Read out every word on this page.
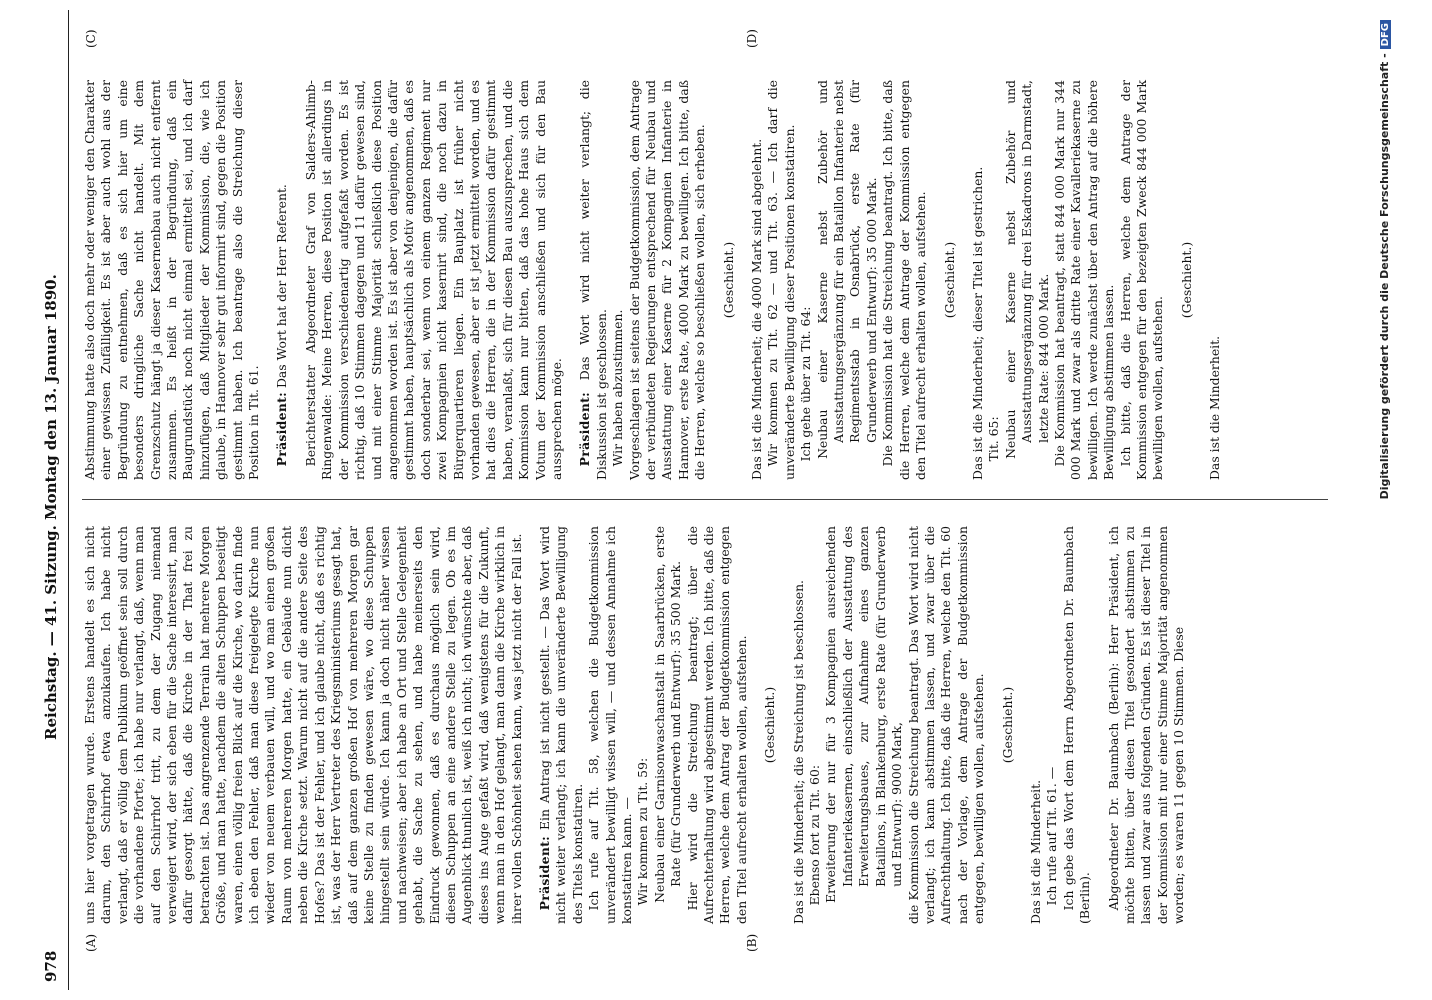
978
Reichstag. — 41. Sitzung. Montag den 13. Januar 1890.
(A)	(B)
(C)	(D)

uns hier vorgetragen wurde. Erstens handelt es sich nicht darum, den Schirrhof etwa anzukaufen. Ich habe nicht verlangt, daß er völlig dem Publikum geöffnet sein soll durch die vorhandene Pforte; ich habe nur verlangt, daß, wenn man auf den Schirrhof tritt, zu dem der Zugang niemand verweigert wird, der sich eben für die Sache interessirt, man dafür gesorgt hätte, daß die Kirche in der That frei zu betrachten ist. Das angrenzende Terrain hat mehrere Morgen Größe, und man hatte, nachdem die alten Schuppen beseitigt waren, einen völlig freien Blick auf die Kirche, wo darin finde ich eben den Fehler, daß man diese freigelegte Kirche nun wieder von neuem verbauen will, und wo man einen großen Raum von mehreren Morgen hatte, ein Gebäude nun dicht neben die Kirche setzt. Warum nicht auf die andere Seite des Hofes? Das ist der Fehler, und ich glaube nicht, daß es richtig ist, was der Herr Vertreter des Kriegsministeriums gesagt hat, daß auf dem ganzen großen Hof von mehreren Morgen gar keine Stelle zu finden gewesen wäre, wo diese Schuppen hingestellt sein würde. Ich kann ja doch nicht näher wissen und nachweisen; aber ich habe an Ort und Stelle Gelegenheit gehabt, die Sache zu sehen, und habe meinerseits den Eindruck gewonnen, daß es durchaus möglich sein wird, diesen Schuppen an eine andere Stelle zu legen. Ob es im Augenblick thunlich ist, weiß ich nicht; ich wünschte aber, daß dieses ins Auge gefaßt wird, daß wenigstens für die Zukunft, wenn man in den Hof gelangt, man dann die Kirche wirklich in ihrer vollen Schönheit sehen kann, was jetzt nicht der Fall ist. Präsident: Ein Antrag ist nicht gestellt. — Das Wort wird nicht weiter verlangt; ich kann die unveränderte Bewilligung des Titels konstatiren. Ich rufe auf Tit. 58, welchen die Budgetkommission unverändert bewilligt wissen will, — und dessen Annahme ich konstatiren kann. — Wir kommen zu Tit. 59: Neubau einer Garnisonwaschanstalt in Saarbrücken, erste Rate (für Grunderwerb und Entwurf): 35 500 Mark. Hier wird die Streichung beantragt; über die Aufrechterhaltung wird abgestimmt werden. Ich bitte, daß die Herren, welche dem Antrag der Budgetkommission entgegen den Titel aufrecht erhalten wollen, aufstehen. (Geschieht.) Das ist die Minderheit; die Streichung ist beschlossen. Ebenso fort zu Tit. 60: Erweiterung der nur für 3 Kompagnien ausreichenden Infanteriekasernen, einschließlich der Ausstattung des Erweiterungsbaues, zur Aufnahme eines ganzen Bataillons, in Blankenburg, erste Rate (für Grunderwerb und Entwurf): 9000 Mark, die Kommission die Streichung beantragt. Das Wort wird nicht verlangt; ich kann abstimmen lassen, und zwar über die Aufrechthaltung. Ich bitte, daß die Herren, welche den Tit. 60 nach der Vorlage, dem Antrage der Budgetkommission entgegen, bewilligen wollen, aufstehen. (Geschieht.)

Das ist die Minderheit. Ich rufe auf Tit. 61. — Ich gebe das Wort dem Herrn Abgeordneten Dr. Baumbach (Berlin). Abgeordneter Dr. Baumbach (Berlin): Herr Präsident, ich möchte bitten, über diesen Titel gesondert abstimmen zu lassen und zwar aus folgenden Gründen. Es ist dieser Titel in der Kommission mit nur einer Stimme Majorität angenommen worden; es waren 11 gegen 10 Stimmen. Diese

Abstimmung hatte also doch mehr oder weniger den Charakter einer gewissen Zufälligkeit. Es ist aber auch wohl aus der Begründung zu entnehmen, daß es sich hier um eine besonders dringliche Sache nicht handelt. Mit dem Grenzschutz hängt ja dieser Kasernenbau auch nicht entfernt zusammen. Es heißt in der Begründung, daß ein Baugrundstück noch nicht einmal ermittelt sei, und ich darf hinzufügen, daß Mitglieder der Kommission, die, wie ich glaube, in Hannover sehr gut informirt sind, gegen die Position gestimmt haben. Ich beantrage also die Streichung dieser Position in Tit. 61. Präsident: Das Wort hat der Herr Referent. Berichterstatter Abgeordneter Graf von Salders-Ahlimb-Ringenwalde: Meine Herren, diese Position ist allerdings in der Kommission verschiedenartig aufgefaßt worden. Es ist richtig, daß 10 Stimmen dagegen und 11 dafür gewesen sind, und mit einer Stimme Majorität schließlich diese Position angenommen worden ist. Es ist aber von denjenigen, die dafür gestimmt haben, hauptsächlich als Motiv angenommen, daß es doch sonderbar sei, wenn von einem ganzen Regiment nur zwei Kompagnien nicht kasernirt sind, die noch dazu in Bürgerquartieren liegen. Ein Bauplatz ist früher nicht vorhanden gewesen, aber er ist jetzt ermittelt worden, und es hat dies die Herren, die in der Kommission dafür gestimmt haben, veranlaßt, sich für diesen Bau auszusprechen, und die Kommission kann nur bitten, daß das hohe Haus sich dem Votum der Kommission anschließen und sich für den Bau aussprechen möge. Präsident: Das Wort wird nicht weiter verlangt; die Diskussion ist geschlossen. Wir haben abzustimmen. Vorgeschlagen ist seitens der Budgetkommission, dem Antrage der verbündeten Regierungen entsprechend für Neubau und Ausstattung einer Kaserne für 2 Kompagnien Infanterie in Hannover, erste Rate, 4000 Mark zu bewilligen. Ich bitte, daß die Herren, welche so beschließen wollen, sich erheben. (Geschieht.) Das ist die Minderheit; die 4000 Mark sind abgelehnt. Wir kommen zu Tit. 62 — und Tit. 63. — Ich darf die unveränderte Bewilligung dieser Positionen konstatiren. Ich gehe über zu Tit. 64: Neubau einer Kaserne nebst Zubehör und Ausstattungsergänzung für ein Bataillon Infanterie nebst Regimentsstab in Osnabrück, erste Rate (für Grunderwerb und Entwurf): 35 000 Mark. Die Kommission hat die Streichung beantragt. Ich bitte, daß die Herren, welche dem Antrage der Kommission entgegen den Titel aufrecht erhalten wollen, aufstehen. (Geschieht.) Das ist die Minderheit; dieser Titel ist gestrichen. Tit. 65: Neubau einer Kaserne nebst Zubehör und Ausstattungsergänzung für drei Eskadrons in Darmstadt, letzte Rate: 844 000 Mark. Die Kommission hat beantragt, statt 844 000 Mark nur 344 000 Mark und zwar als dritte Rate einer Kavalleriekaserne zu bewilligen. Ich werde zunächst über den Antrag auf die höhere Bewilligung abstimmen lassen. Ich bitte, daß die Herren, welche dem Antrage der Kommission entgegen für den bezeigten Zweck 844 000 Mark bewilligen wollen, aufstehen.

(Geschieht.)

Das ist die Minderheit.	Digitalisierung gefördert durch die Deutsche Forschungsgemeinschaft -DFG
